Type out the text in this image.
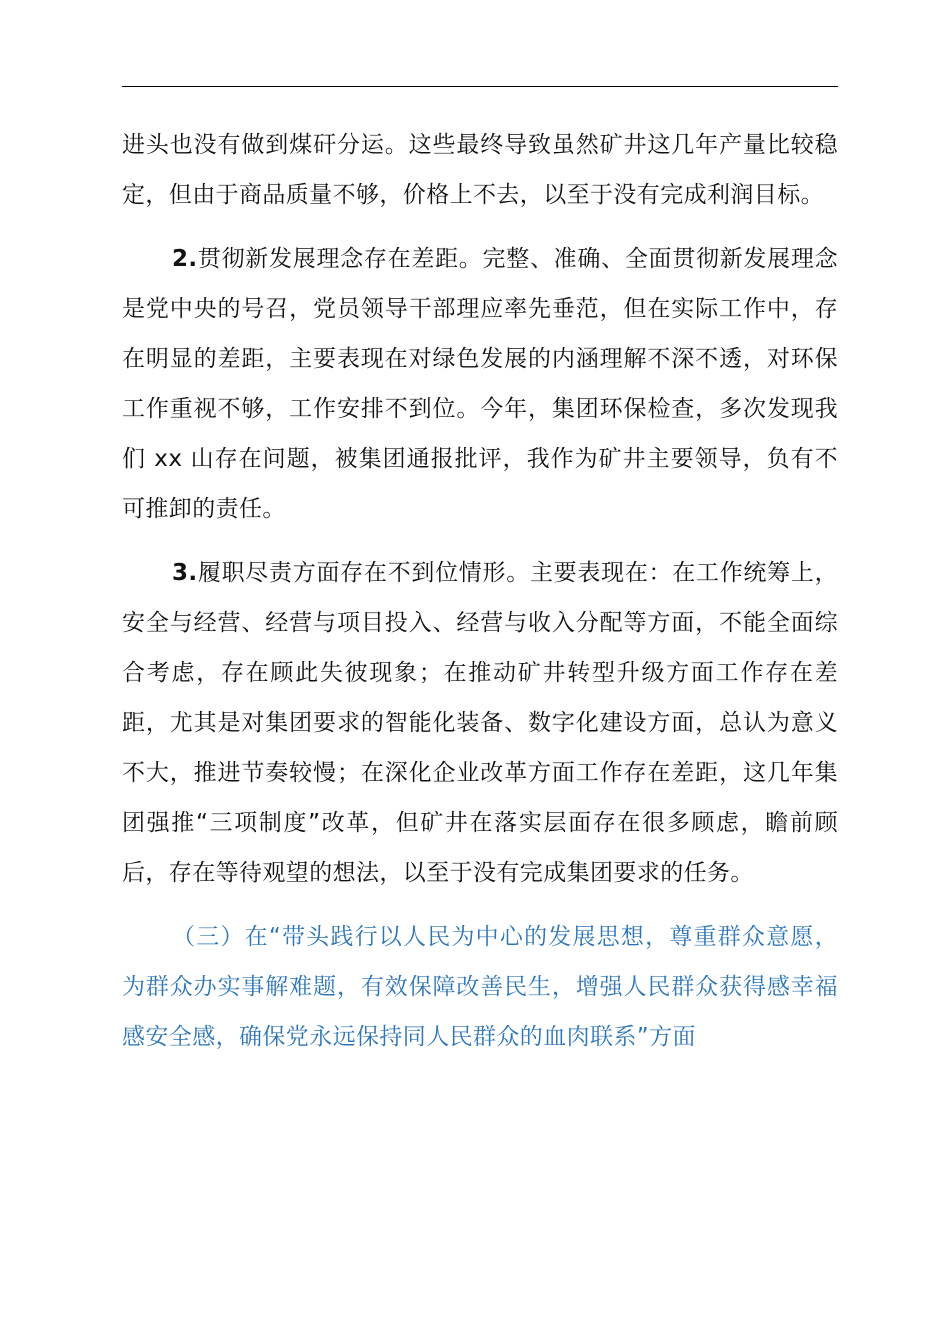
进头也没有做到煤矸分运。这些最终导致虽然矿井这几年产量比较稳定，但由于商品质量不够，价格上不去，以至于没有完成利润目标。

2.贯彻新发展理念存在差距。完整、准确、全面贯彻新发展理念是党中央的号召，党员领导干部理应率先垂范，但在实际工作中，存在明显的差距，主要表现在对绿色发展的内涵理解不深不透，对环保工作重视不够，工作安排不到位。今年，集团环保检查，多次发现我们 xx 山存在问题，被集团通报批评，我作为矿井主要领导，负有不可推卸的责任。

3.履职尽责方面存在不到位情形。主要表现在：在工作统筹上，安全与经营、经营与项目投入、经营与收入分配等方面，不能全面综合考虑，存在顾此失彼现象；在推动矿井转型升级方面工作存在差距，尤其是对集团要求的智能化装备、数字化建设方面，总认为意义不大，推进节奏较慢；在深化企业改革方面工作存在差距，这几年集团强推“三项制度”改革，但矿井在落实层面存在很多顾虑，瞻前顾后，存在等待观望的想法，以至于没有完成集团要求的任务。

（三）在“带头践行以人民为中心的发展思想，尊重群众意愿，为群众办实事解难题，有效保障改善民生，增强人民群众获得感幸福感安全感，确保党永远保持同人民群众的血肉联系”方面
